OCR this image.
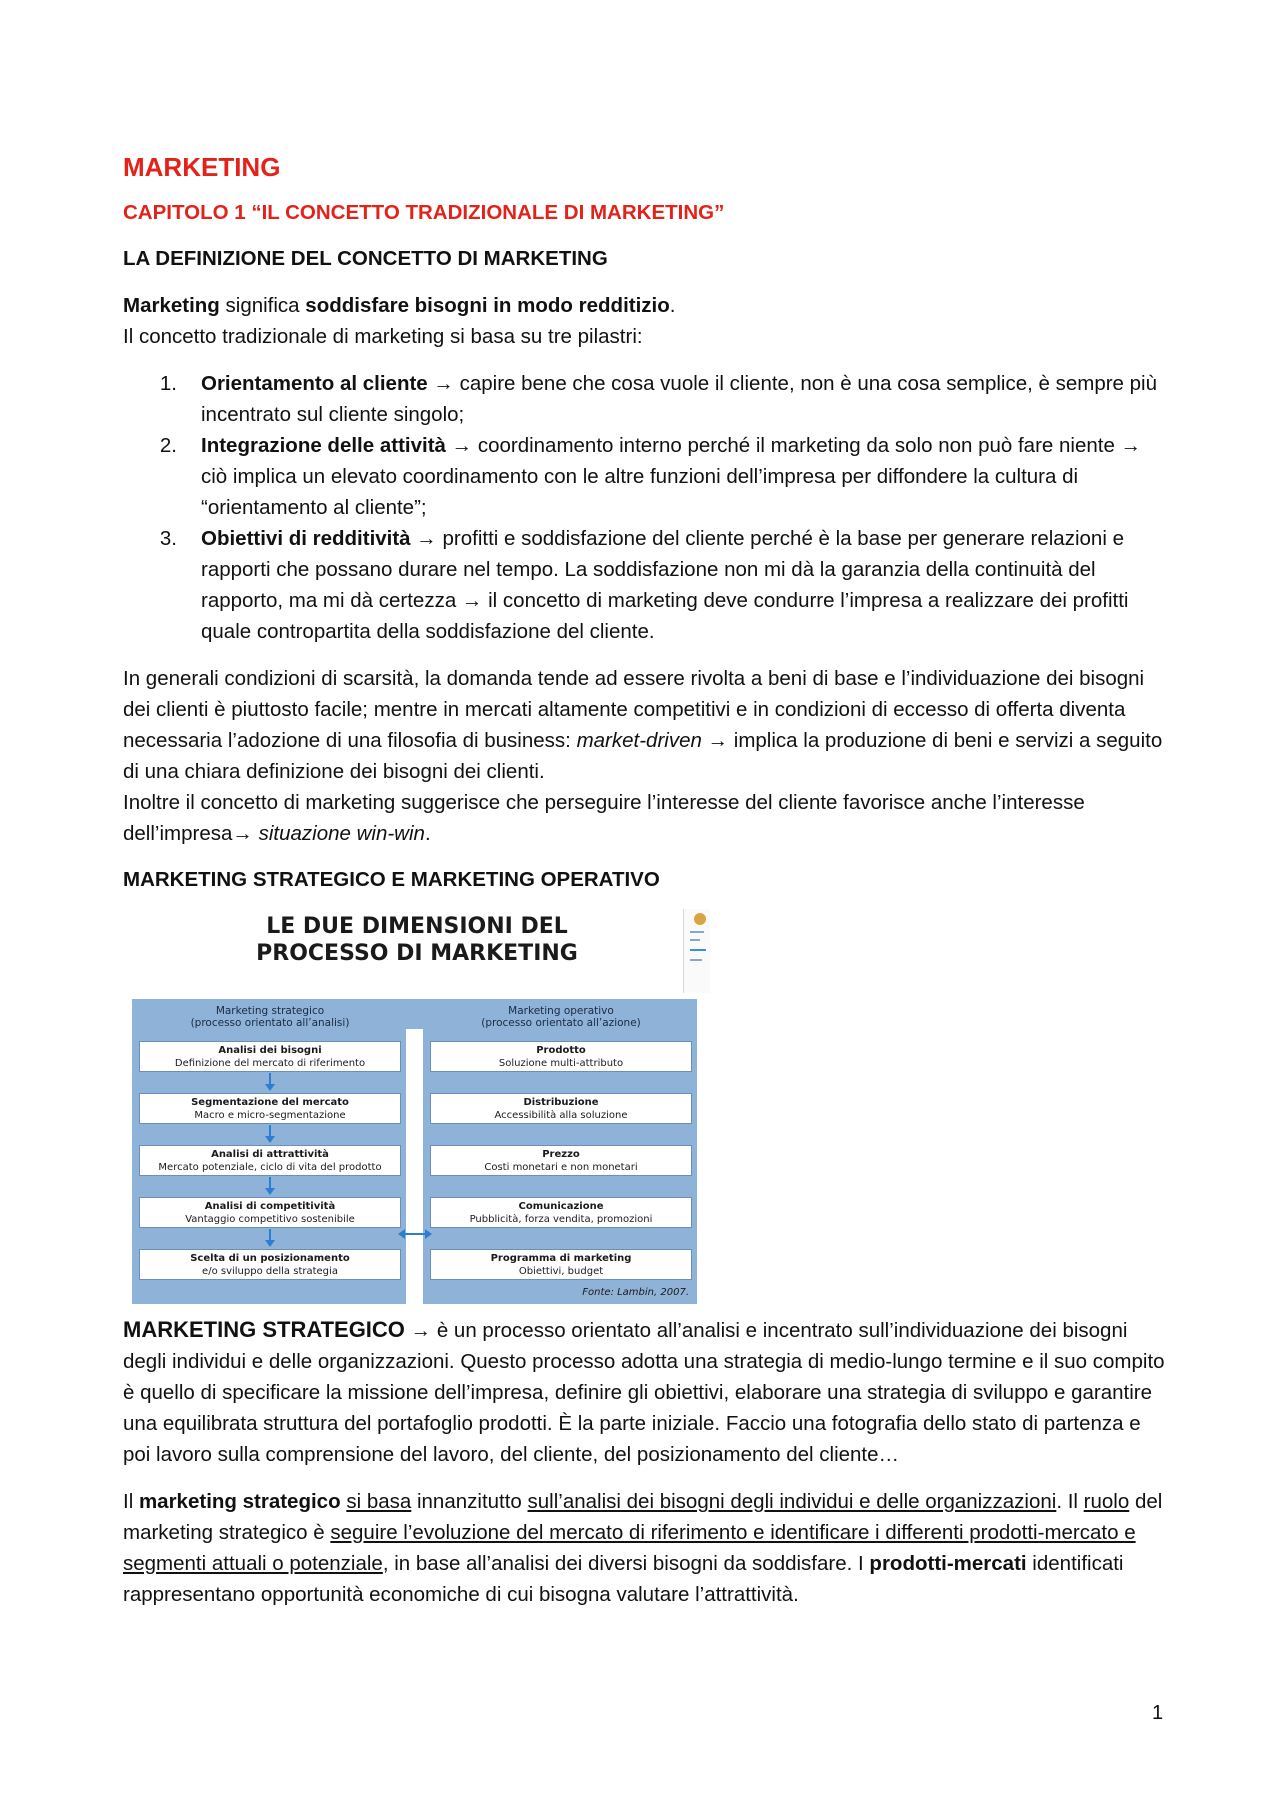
MARKETING
CAPITOLO 1 “IL CONCETTO TRADIZIONALE DI MARKETING”
LA DEFINIZIONE DEL CONCETTO DI MARKETING

Marketing significa soddisfare bisogni in modo redditizio.
Il concetto tradizionale di marketing si basa su tre pilastri:

1.	Orientamento al cliente → capire bene che cosa vuole il cliente, non è una cosa semplice, è sempre più incentrato sul cliente singolo;
2.	Integrazione delle attività → coordinamento interno perché il marketing da solo non può fare niente → ciò implica un elevato coordinamento con le altre funzioni dell’impresa per diffondere la cultura di “orientamento al cliente”;
3.	Obiettivi di redditività → profitti e soddisfazione del cliente perché è la base per generare relazioni e rapporti che possano durare nel tempo. La soddisfazione non mi dà la garanzia della continuità del rapporto, ma mi dà certezza → il concetto di marketing deve condurre l’impresa a realizzare dei profitti quale contropartita della soddisfazione del cliente.

In generali condizioni di scarsità, la domanda tende ad essere rivolta a beni di base e l’individuazione dei bisogni dei clienti è piuttosto facile; mentre in mercati altamente competitivi e in condizioni di eccesso di offerta diventa necessaria l’adozione di una filosofia di business: market-driven → implica la produzione di beni e servizi a seguito di una chiara definizione dei bisogni dei clienti.
Inoltre il concetto di marketing suggerisce che perseguire l’interesse del cliente favorisce anche l’interesse dell’impresa→ situazione win-win.

MARKETING STRATEGICO E MARKETING OPERATIVO
LE DUE DIMENSIONI DEL
PROCESSO DI MARKETING
Marketing strategico
(processo orientato all’analisi)
Analisi dei bisogni
Definizione del mercato di riferimento
Segmentazione del mercato
Macro e micro-segmentazione
Analisi di attrattività
Mercato potenziale, ciclo di vita del prodotto
Analisi di competitività
Vantaggio competitivo sostenibile
Scelta di un posizionamento
e/o sviluppo della strategia
Marketing operativo
(processo orientato all’azione)
Prodotto
Soluzione multi-attributo
Distribuzione
Accessibilità alla soluzione
Prezzo
Costi monetari e non monetari
Comunicazione
Pubblicità, forza vendita, promozioni
Programma di marketing
Obiettivi, budget
Fonte: Lambin, 2007.

MARKETING STRATEGICO → è un processo orientato all’analisi e incentrato sull’individuazione dei bisogni degli individui e delle organizzazioni. Questo processo adotta una strategia di medio-lungo termine e il suo compito è quello di specificare la missione dell’impresa, definire gli obiettivi, elaborare una strategia di sviluppo e garantire una equilibrata struttura del portafoglio prodotti. È la parte iniziale. Faccio una fotografia dello stato di partenza e poi lavoro sulla comprensione del lavoro, del cliente, del posizionamento del cliente…

Il marketing strategico si basa innanzitutto sull’analisi dei bisogni degli individui e delle organizzazioni. Il ruolo del marketing strategico è seguire l’evoluzione del mercato di riferimento e identificare i differenti prodotti-mercato e segmenti attuali o potenziale, in base all’analisi dei diversi bisogni da soddisfare. I prodotti-mercati identificati rappresentano opportunità economiche di cui bisogna valutare l’attrattività.

1
